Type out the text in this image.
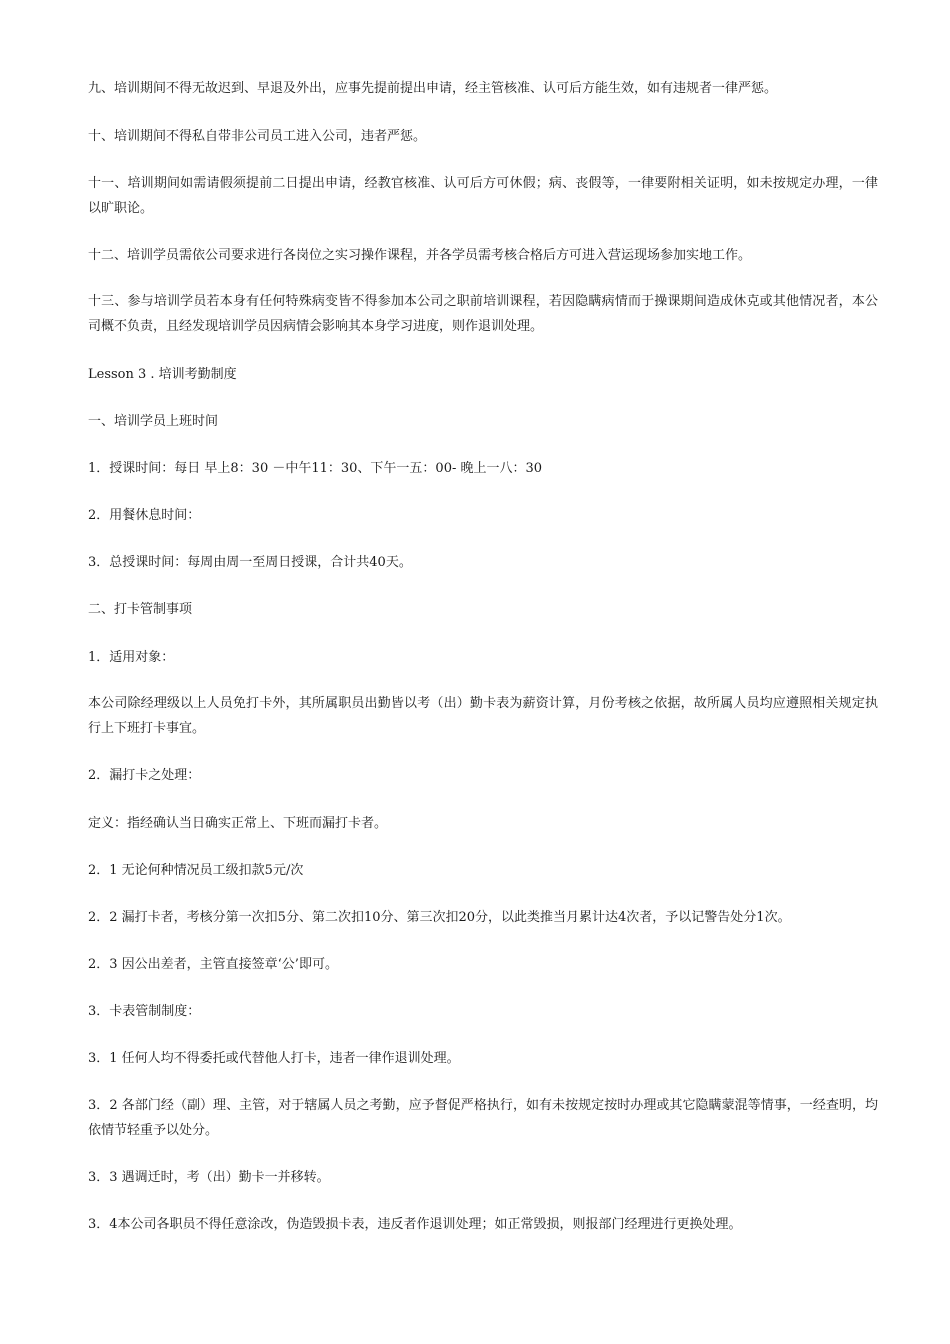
九、培训期间不得无故迟到、早退及外出，应事先提前提出申请，经主管核准、认可后方能生效，如有违规者一律严惩。

十、培训期间不得私自带非公司员工进入公司，违者严惩。

十一、培训期间如需请假须提前二日提出申请，经教官核准、认可后方可休假；病、丧假等，一律要附相关证明，如未按规定办理，一律以旷职论。

十二、培训学员需依公司要求进行各岗位之实习操作课程，并各学员需考核合格后方可进入营运现场参加实地工作。

十三、参与培训学员若本身有任何特殊病变皆不得参加本公司之职前培训课程，若因隐瞒病情而于操课期间造成休克或其他情况者，本公司概不负责，且经发现培训学员因病情会影响其本身学习进度，则作退训处理。

Lesson 3 . 培训考勤制度

一、培训学员上班时间

1．授课时间：每日 早上8：30 －中午11：30、下午一五：00- 晚上一八：30

2．用餐休息时间：

3．总授课时间：每周由周一至周日授课，合计共40天。

二、打卡管制事项

1．适用对象：

本公司除经理级以上人员免打卡外，其所属职员出勤皆以考（出）勤卡表为薪资计算，月份考核之依据，故所属人员均应遵照相关规定执行上下班打卡事宜。

2．漏打卡之处理：

定义：指经确认当日确实正常上、下班而漏打卡者。

2．1 无论何种情况员工级扣款5元/次

2．2 漏打卡者，考核分第一次扣5分、第二次扣10分、第三次扣20分，以此类推当月累计达4次者，予以记警告处分1次。

2．3 因公出差者，主管直接签章‘公’即可。

3．卡表管制制度：

3．1 任何人均不得委托或代替他人打卡，违者一律作退训处理。

3．2 各部门经（副）理、主管，对于辖属人员之考勤，应予督促严格执行，如有未按规定按时办理或其它隐瞒蒙混等情事，一经查明，均依情节轻重予以处分。

3．3 遇调迁时，考（出）勤卡一并移转。

3．4本公司各职员不得任意涂改，伪造毁损卡表，违反者作退训处理；如正常毁损，则报部门经理进行更换处理。
